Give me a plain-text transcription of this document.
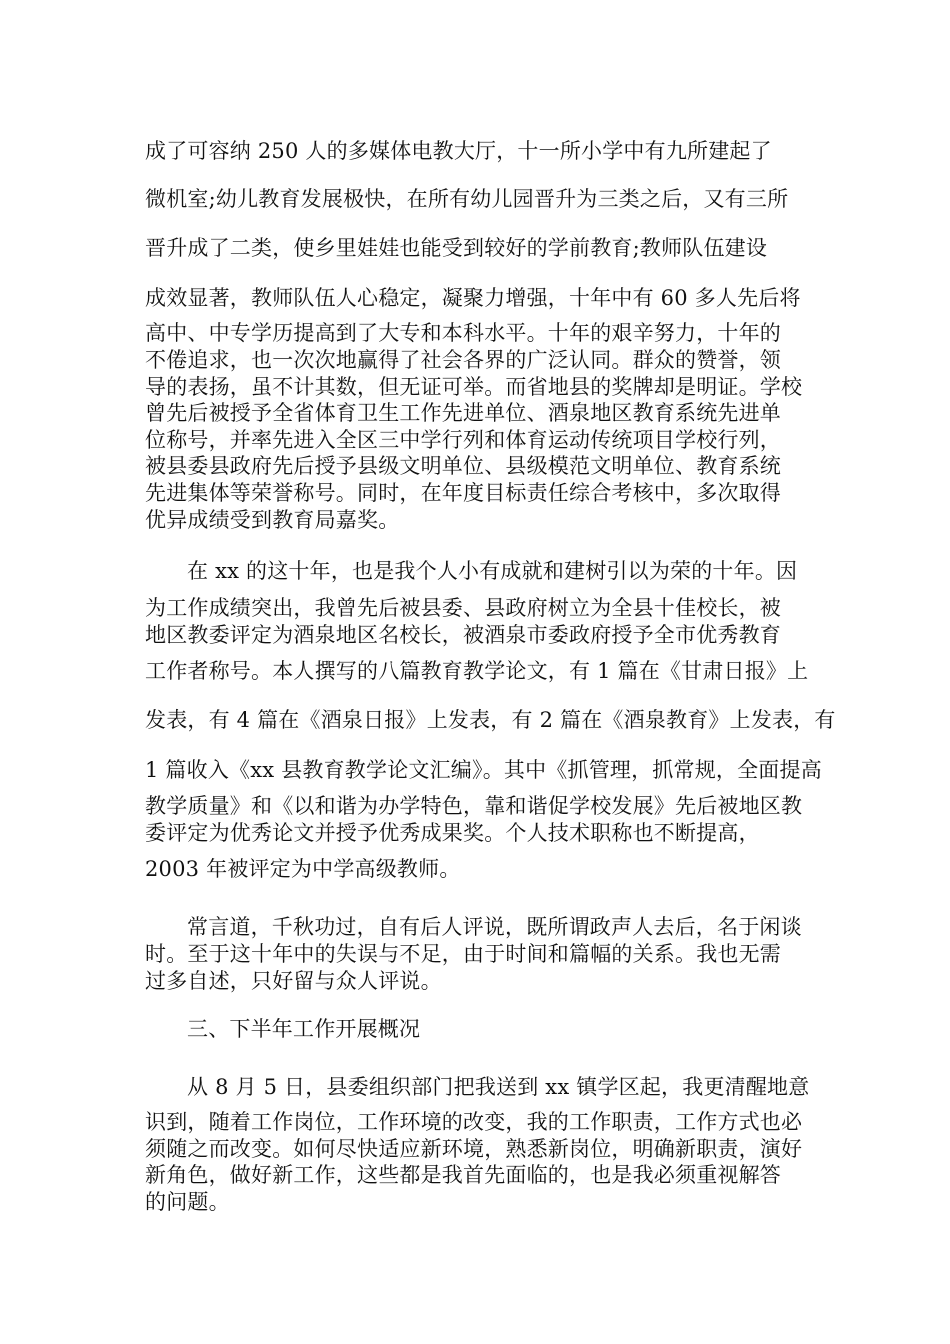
成了可容纳 250 人的多媒体电教大厅，十一所小学中有九所建起了
微机室;幼儿教育发展极快，在所有幼儿园晋升为三类之后，又有三所
晋升成了二类，使乡里娃娃也能受到较好的学前教育;教师队伍建设
成效显著，教师队伍人心稳定，凝聚力增强，十年中有 60 多人先后将
高中、中专学历提高到了大专和本科水平。十年的艰辛努力，十年的
不倦追求，也一次次地赢得了社会各界的广泛认同。群众的赞誉，领
导的表扬，虽不计其数，但无证可举。而省地县的奖牌却是明证。学校
曾先后被授予全省体育卫生工作先进单位、酒泉地区教育系统先进单
位称号，并率先进入全区三中学行列和体育运动传统项目学校行列，
被县委县政府先后授予县级文明单位、县级模范文明单位、教育系统
先进集体等荣誉称号。同时，在年度目标责任综合考核中，多次取得
优异成绩受到教育局嘉奖。
在 xx 的这十年，也是我个人小有成就和建树引以为荣的十年。因
为工作成绩突出，我曾先后被县委、县政府树立为全县十佳校长，被
地区教委评定为酒泉地区名校长，被酒泉市委政府授予全市优秀教育
工作者称号。本人撰写的八篇教育教学论文，有 1 篇在《甘肃日报》上
发表，有 4 篇在《酒泉日报》上发表，有 2 篇在《酒泉教育》上发表，有
1 篇收入《xx 县教育教学论文汇编》。其中《抓管理，抓常规，全面提高
教学质量》和《以和谐为办学特色，靠和谐促学校发展》先后被地区教
委评定为优秀论文并授予优秀成果奖。个人技术职称也不断提高，
2003 年被评定为中学高级教师。
常言道，千秋功过，自有后人评说，既所谓政声人去后，名于闲谈
时。至于这十年中的失误与不足，由于时间和篇幅的关系。我也无需
过多自述，只好留与众人评说。
三、下半年工作开展概况
从 8 月 5 日，县委组织部门把我送到 xx 镇学区起，我更清醒地意
识到，随着工作岗位，工作环境的改变，我的工作职责，工作方式也必
须随之而改变。如何尽快适应新环境，熟悉新岗位，明确新职责，演好
新角色，做好新工作，这些都是我首先面临的，也是我必须重视解答
的问题。
